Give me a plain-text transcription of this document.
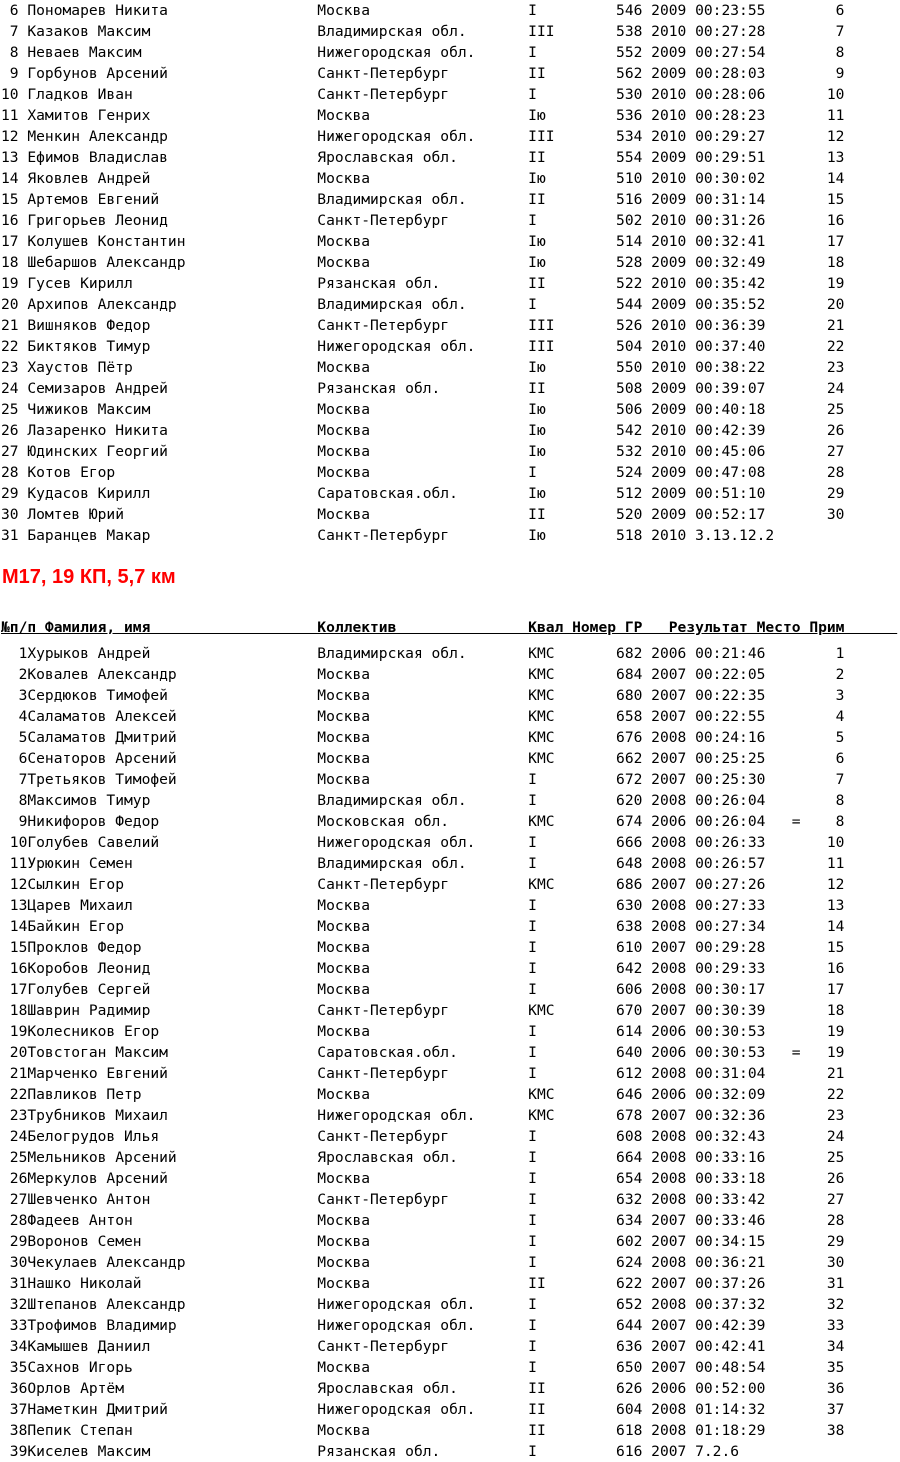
6 Пономарев Никита                 Москва                  I         546 2009 00:23:55        6
7 Казаков Максим                   Владимирская обл.       III       538 2010 00:27:28        7
8 Неваев Максим                    Нижегородская обл.      I         552 2009 00:27:54        8
9 Горбунов Арсений                 Санкт-Петербург         II        562 2009 00:28:03        9
10 Гладков Иван                     Санкт-Петербург         I         530 2010 00:28:06       10
11 Хамитов Генрих                   Москва                  Iю        536 2010 00:28:23       11
12 Менкин Александр                 Нижегородская обл.      III       534 2010 00:29:27       12
13 Ефимов Владислав                 Ярославская обл.        II        554 2009 00:29:51       13
14 Яковлев Андрей                   Москва                  Iю        510 2010 00:30:02       14
15 Артемов Евгений                  Владимирская обл.       II        516 2009 00:31:14       15
16 Григорьев Леонид                 Санкт-Петербург         I         502 2010 00:31:26       16
17 Колушев Константин               Москва                  Iю        514 2010 00:32:41       17
18 Шебаршов Александр               Москва                  Iю        528 2009 00:32:49       18
19 Гусев Кирилл                     Рязанская обл.          II        522 2010 00:35:42       19
20 Архипов Александр                Владимирская обл.       I         544 2009 00:35:52       20
21 Вишняков Федор                   Санкт-Петербург         III       526 2010 00:36:39       21
22 Биктяков Тимур                   Нижегородская обл.      III       504 2010 00:37:40       22
23 Хаустов Пётр                     Москва                  Iю        550 2010 00:38:22       23
24 Семизаров Андрей                 Рязанская обл.          II        508 2009 00:39:07       24
25 Чижиков Максим                   Москва                  Iю        506 2009 00:40:18       25
26 Лазаренко Никита                 Москва                  Iю        542 2010 00:42:39       26
27 Юдинских Георгий                 Москва                  Iю        532 2010 00:45:06       27
28 Котов Егор                       Москва                  I         524 2009 00:47:08       28
29 Кудасов Кирилл                   Саратовская.обл.        Iю        512 2009 00:51:10       29
30 Ломтев Юрий                      Москва                  II        520 2009 00:52:17       30
31 Баранцев Макар                   Санкт-Петербург         Iю        518 2010 3.13.12.2
М17, 19 КП, 5,7 км
№п/п Фамилия, имя                   Коллектив               Квал Номер ГР   Результат Место Прим
1Хурыков Андрей                   Владимирская обл.       КМС       682 2006 00:21:46        1
2Ковалев Александр                Москва                  КМС       684 2007 00:22:05        2
3Сердюков Тимофей                 Москва                  КМС       680 2007 00:22:35        3
4Саламатов Алексей                Москва                  КМС       658 2007 00:22:55        4
5Саламатов Дмитрий                Москва                  КМС       676 2008 00:24:16        5
6Сенаторов Арсений                Москва                  КМС       662 2007 00:25:25        6
7Третьяков Тимофей                Москва                  I         672 2007 00:25:30        7
8Максимов Тимур                   Владимирская обл.       I         620 2008 00:26:04        8
9Никифоров Федор                  Московская обл.         КМС       674 2006 00:26:04   =    8
10Голубев Савелий                  Нижегородская обл.      I         666 2008 00:26:33       10
11Урюкин Семен                     Владимирская обл.       I         648 2008 00:26:57       11
12Сылкин Егор                      Санкт-Петербург         КМС       686 2007 00:27:26       12
13Царев Михаил                     Москва                  I         630 2008 00:27:33       13
14Байкин Егор                      Москва                  I         638 2008 00:27:34       14
15Проклов Федор                    Москва                  I         610 2007 00:29:28       15
16Коробов Леонид                   Москва                  I         642 2008 00:29:33       16
17Голубев Сергей                   Москва                  I         606 2008 00:30:17       17
18Шаврин Радимир                   Санкт-Петербург         КМС       670 2007 00:30:39       18
19Колесников Егор                  Москва                  I         614 2006 00:30:53       19
20Товстоган Максим                 Саратовская.обл.        I         640 2006 00:30:53   =   19
21Марченко Евгений                 Санкт-Петербург         I         612 2008 00:31:04       21
22Павликов Петр                    Москва                  КМС       646 2006 00:32:09       22
23Трубников Михаил                 Нижегородская обл.      КМС       678 2007 00:32:36       23
24Белогрудов Илья                  Санкт-Петербург         I         608 2008 00:32:43       24
25Мельников Арсений                Ярославская обл.        I         664 2008 00:33:16       25
26Меркулов Арсений                 Москва                  I         654 2008 00:33:18       26
27Шевченко Антон                   Санкт-Петербург         I         632 2008 00:33:42       27
28Фадеев Антон                     Москва                  I         634 2007 00:33:46       28
29Воронов Семен                    Москва                  I         602 2007 00:34:15       29
30Чекулаев Александр               Москва                  I         624 2008 00:36:21       30
31Нашко Николай                    Москва                  II        622 2007 00:37:26       31
32Штепанов Александр               Нижегородская обл.      I         652 2008 00:37:32       32
33Трофимов Владимир                Нижегородская обл.      I         644 2007 00:42:39       33
34Камышев Даниил                   Санкт-Петербург         I         636 2007 00:42:41       34
35Сахнов Игорь                     Москва                  I         650 2007 00:48:54       35
36Орлов Артём                      Ярославская обл.        II        626 2006 00:52:00       36
37Наметкин Дмитрий                 Нижегородская обл.      II        604 2008 01:14:32       37
38Пепик Степан                     Москва                  II        618 2008 01:18:29       38
39Киселев Максим                   Рязанская обл.          I         616 2007 7.2.6
